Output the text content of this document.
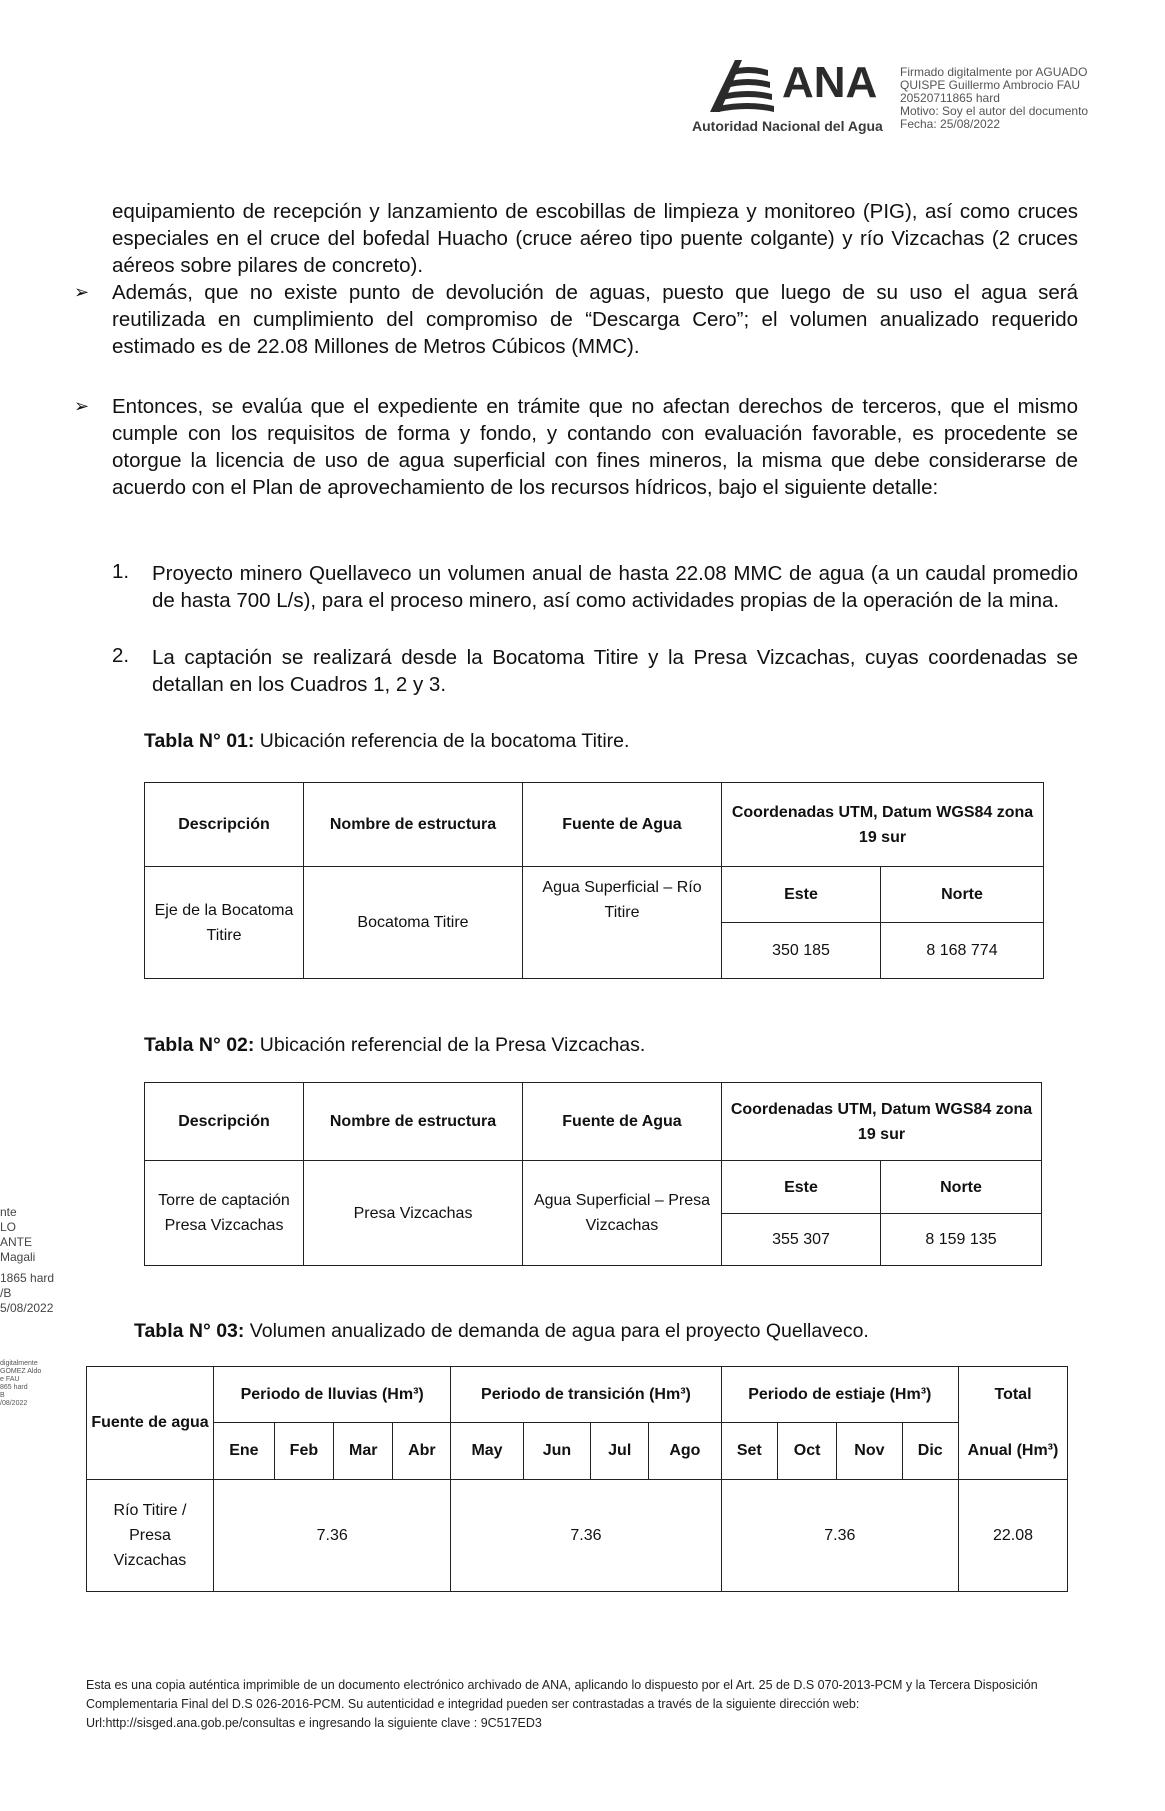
ANA
Autoridad Nacional del Agua
Firmado digitalmente por AGUADO
QUISPE Guillermo Ambrocio FAU
20520711865 hard
Motivo: Soy el autor del documento
Fecha: 25/08/2022
nte
LO
ANTE
Magali
1865 hard
/B
5/08/2022
digitalmente
GOMEZ Aldo
e FAU
865 hard
B
/08/2022
equipamiento de recepción y lanzamiento de escobillas de limpieza y monitoreo (PIG), así como cruces especiales en el cruce del bofedal Huacho (cruce aéreo tipo puente colgante) y río Vizcachas (2 cruces aéreos sobre pilares de concreto).
➢ Además, que no existe punto de devolución de aguas, puesto que luego de su uso el agua será reutilizada en cumplimiento del compromiso de “Descarga Cero”; el volumen anualizado requerido estimado es de 22.08 Millones de Metros Cúbicos (MMC).
➢ Entonces, se evalúa que el expediente en trámite que no afectan derechos de terceros, que el mismo cumple con los requisitos de forma y fondo, y contando con evaluación favorable, es procedente se otorgue la licencia de uso de agua superficial con fines mineros, la misma que debe considerarse de acuerdo con el Plan de aprovechamiento de los recursos hídricos, bajo el siguiente detalle:
1. Proyecto minero Quellaveco un volumen anual de hasta 22.08 MMC de agua (a un caudal promedio de hasta 700 L/s), para el proceso minero, así como actividades propias de la operación de la mina.
2. La captación se realizará desde la Bocatoma Titire y la Presa Vizcachas, cuyas coordenadas se detallan en los Cuadros 1, 2 y 3.
Tabla N° 01: Ubicación referencia de la bocatoma Titire.
Descripción	Nombre de estructura	Fuente de Agua	Coordenadas UTM, Datum WGS84 zona 19 sur	
Eje de la Bocatoma Titire	Bocatoma Titire	Agua Superficial – Río Titire	Este	Norte
			350 185	8 168 774
Tabla N° 02: Ubicación referencial de la Presa Vizcachas.
Descripción	Nombre de estructura	Fuente de Agua	Coordenadas UTM, Datum WGS84 zona 19 sur	
Torre de captación Presa Vizcachas	Presa Vizcachas	Agua Superficial – Presa Vizcachas	Este	Norte
			355 307	8 159 135
Tabla N° 03: Volumen anualizado de demanda de agua para el proyecto Quellaveco.
Fuente de agua	Periodo de lluvias (Hm³)				Periodo de transición (Hm³)				Periodo de estiaje (Hm³)				Total
	Ene	Feb	Mar	Abr	May	Jun	Jul	Ago	Set	Oct	Nov	Dic	Anual (Hm³)
Río Titire / Presa Vizcachas	7.36				7.36				7.36				22.08
Esta es una copia auténtica imprimible de un documento electrónico archivado de ANA, aplicando lo dispuesto por el Art. 25 de D.S 070-2013-PCM y la Tercera Disposición Complementaria Final del D.S 026-2016-PCM. Su autenticidad e integridad pueden ser contrastadas a través de la siguiente dirección web: Url:http://sisged.ana.gob.pe/consultas e ingresando la siguiente clave : 9C517ED3
